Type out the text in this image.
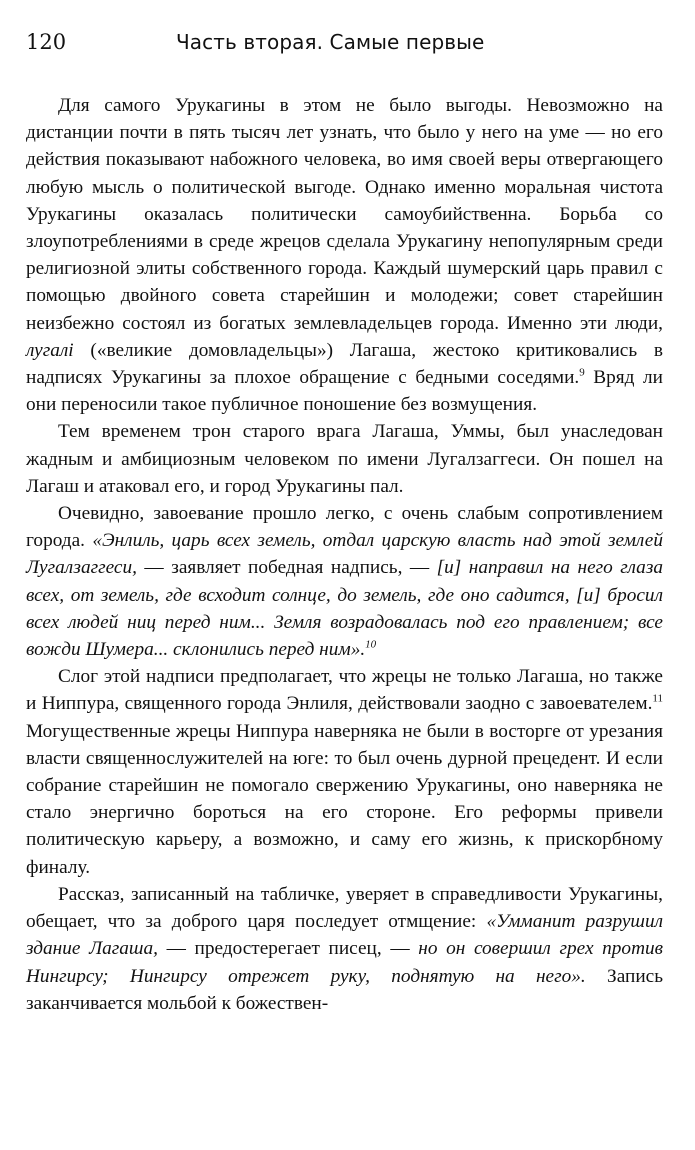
120	Часть вторая. Самые первые

Для самого Урукагины в этом не было выгоды. Невозможно на дистанции почти в пять тысяч лет узнать, что было у него на уме — но его действия показывают набожного человека, во имя своей веры отвергающего любую мысль о политической выгоде. Однако именно моральная чистота Урукагины оказалась политически самоубийственна. Борьба со злоупотреблениями в среде жрецов сделала Урукагину непопулярным среди религиозной элиты собственного города. Каждый шумерский царь правил с помощью двойного совета старейшин и молодежи; совет старейшин неизбежно состоял из богатых землевладельцев города. Именно эти люди, лугалі («великие домовладельцы») Лагаша, жестоко критиковались в надписях Урукагины за плохое обращение с бедными соседями.$^9$ Вряд ли они переносили такое публичное поношение без возмущения.

Тем временем трон старого врага Лагаша, Уммы, был унаследован жадным и амбициозным человеком по имени Лугалзаггеси. Он пошел на Лагаш и атаковал его, и город Урукагины пал.

Очевидно, завоевание прошло легко, с очень слабым сопротивлением города. «Энлиль, царь всех земель, отдал царскую власть над этой землей Лугалзаггеси, — заявляет победная надпись, — [и] направил на него глаза всех, от земель, где всходит солнце, до земель, где оно садится, [и] бросил всех людей ниц перед ним... Земля возрадовалась под его правлением; все вожди Шумера... склонились перед ним».$^{10}$

Слог этой надписи предполагает, что жрецы не только Лагаша, но также и Ниппура, священного города Энлиля, действовали заодно с завоевателем.$^{11}$ Могущественные жрецы Ниппура наверняка не были в восторге от урезания власти священнослужителей на юге: то был очень дурной прецедент. И если собрание старейшин не помогало свержению Урукагины, оно наверняка не стало энергично бороться на его стороне. Его реформы привели политическую карьеру, а возможно, и саму его жизнь, к прискорбному финалу.

Рассказ, записанный на табличке, уверяет в справедливости Урукагины, обещает, что за доброго царя последует отмщение: «Умманит разрушил здание Лагаша, — предостерегает писец, — но он совершил грех против Нингирсу; Нингирсу отрежет руку, поднятую на него». Запись заканчивается мольбой к божествен-
